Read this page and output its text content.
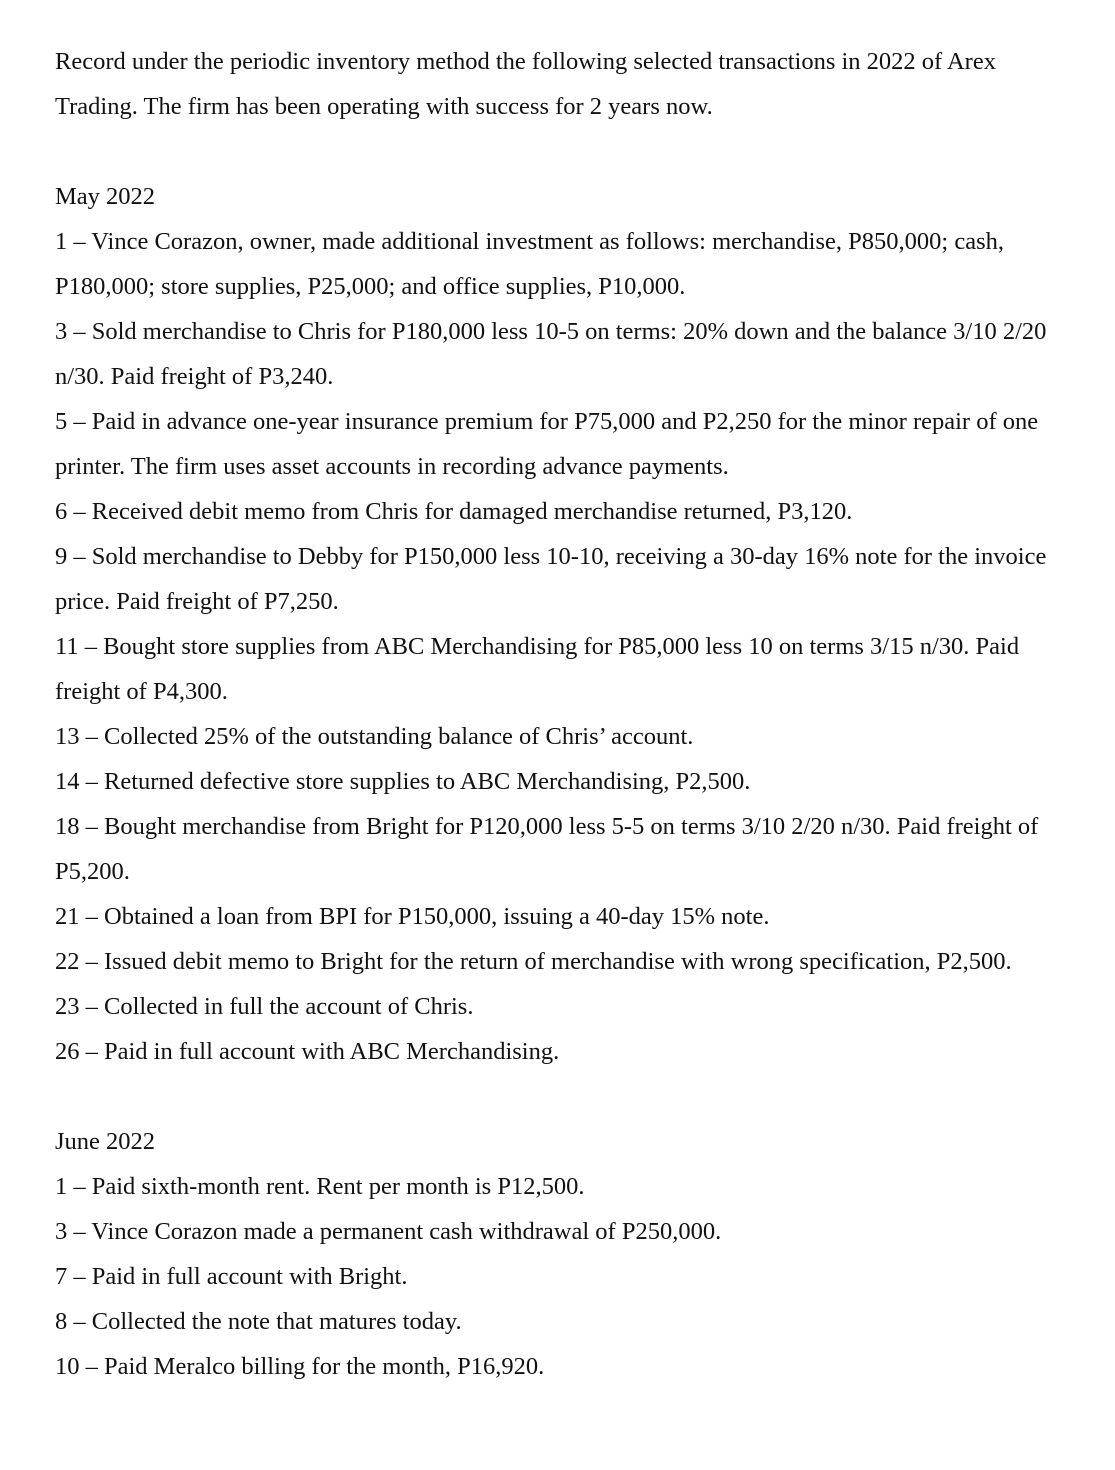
Record under the periodic inventory method the following selected transactions in 2022 of Arex Trading. The firm has been operating with success for 2 years now.

May 2022

1 – Vince Corazon, owner, made additional investment as follows: merchandise, P850,000; cash, P180,000; store supplies, P25,000; and office supplies, P10,000.

3 – Sold merchandise to Chris for P180,000 less 10-5 on terms: 20% down and the balance 3/10 2/20 n/30. Paid freight of P3,240.

5 – Paid in advance one-year insurance premium for P75,000 and P2,250 for the minor repair of one printer. The firm uses asset accounts in recording advance payments.

6 – Received debit memo from Chris for damaged merchandise returned, P3,120.

9 – Sold merchandise to Debby for P150,000 less 10-10, receiving a 30-day 16% note for the invoice price. Paid freight of P7,250.

11 – Bought store supplies from ABC Merchandising for P85,000 less 10 on terms 3/15 n/30. Paid freight of P4,300.

13 – Collected 25% of the outstanding balance of Chris’ account.

14 – Returned defective store supplies to ABC Merchandising, P2,500.

18 – Bought merchandise from Bright for P120,000 less 5-5 on terms 3/10 2/20 n/30. Paid freight of P5,200.

21 – Obtained a loan from BPI for P150,000, issuing a 40-day 15% note.

22 – Issued debit memo to Bright for the return of merchandise with wrong specification, P2,500.

23 – Collected in full the account of Chris.

26 – Paid in full account with ABC Merchandising.

June 2022

1 – Paid sixth-month rent. Rent per month is P12,500.

3 – Vince Corazon made a permanent cash withdrawal of P250,000.

7 – Paid in full account with Bright.

8 – Collected the note that matures today.

10 – Paid Meralco billing for the month, P16,920.
